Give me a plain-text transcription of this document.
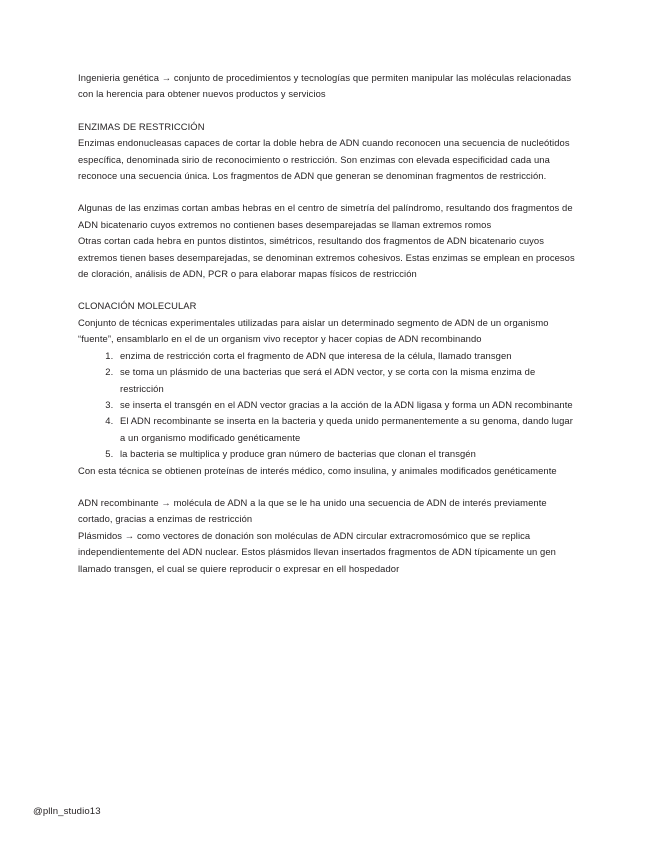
Ingenieria genética → conjunto de procedimientos y tecnologías que permiten manipular las moléculas relacionadas con la herencia para obtener nuevos productos y servicios

ENZIMAS DE RESTRICCIÓN

Enzimas endonucleasas capaces de cortar la doble hebra de ADN cuando reconocen una secuencia de nucleótidos específica, denominada sirio de reconocimiento o restricción. Son enzimas con elevada especificidad cada una reconoce una secuencia única. Los fragmentos de ADN que generan se denominan fragmentos de restricción.

Algunas de las enzimas cortan ambas hebras en el centro de simetría del palíndromo, resultando dos fragmentos de ADN bicatenario cuyos extremos no contienen bases desemparejadas se llaman extremos romos

Otras cortan cada hebra en puntos distintos, simétricos, resultando dos fragmentos de ADN bicatenario cuyos extremos tienen bases desemparejadas, se denominan extremos cohesivos. Estas enzimas se emplean en procesos de cloración, análisis de ADN, PCR o para elaborar mapas físicos de restricción

CLONACIÓN MOLECULAR

Conjunto de técnicas experimentales utilizadas para aislar un determinado segmento de ADN de un organismo “fuente”, ensamblarlo en el de un organism vivo receptor y hacer copias de ADN recombinando

1. enzima de restricción corta el fragmento de ADN que interesa de la célula, llamado transgen
2. se toma un plásmido de una bacterias que será el ADN vector, y se corta con la misma enzima de restricción
3. se inserta el transgén en el ADN vector gracias a la acción de la ADN ligasa y forma un ADN recombinante
4. El ADN recombinante se inserta en la bacteria y queda unido permanentemente a su genoma, dando lugar a un organismo modificado genéticamente
5. la bacteria se multiplica y produce gran número de bacterias que clonan el transgén

Con esta técnica se obtienen proteínas de interés médico, como insulina, y animales modificados genéticamente

ADN recombinante → molécula de ADN a la que se le ha unido una secuencia de ADN de interés previamente cortado, gracias a enzimas de restricción

Plásmidos → como vectores de donación son moléculas de ADN circular extracromosómico que se replica independientemente del ADN nuclear. Estos plásmidos llevan insertados fragmentos de ADN típicamente un gen llamado transgen, el cual se quiere reproducir o expresar en ell hospedador

@plln_studio13
